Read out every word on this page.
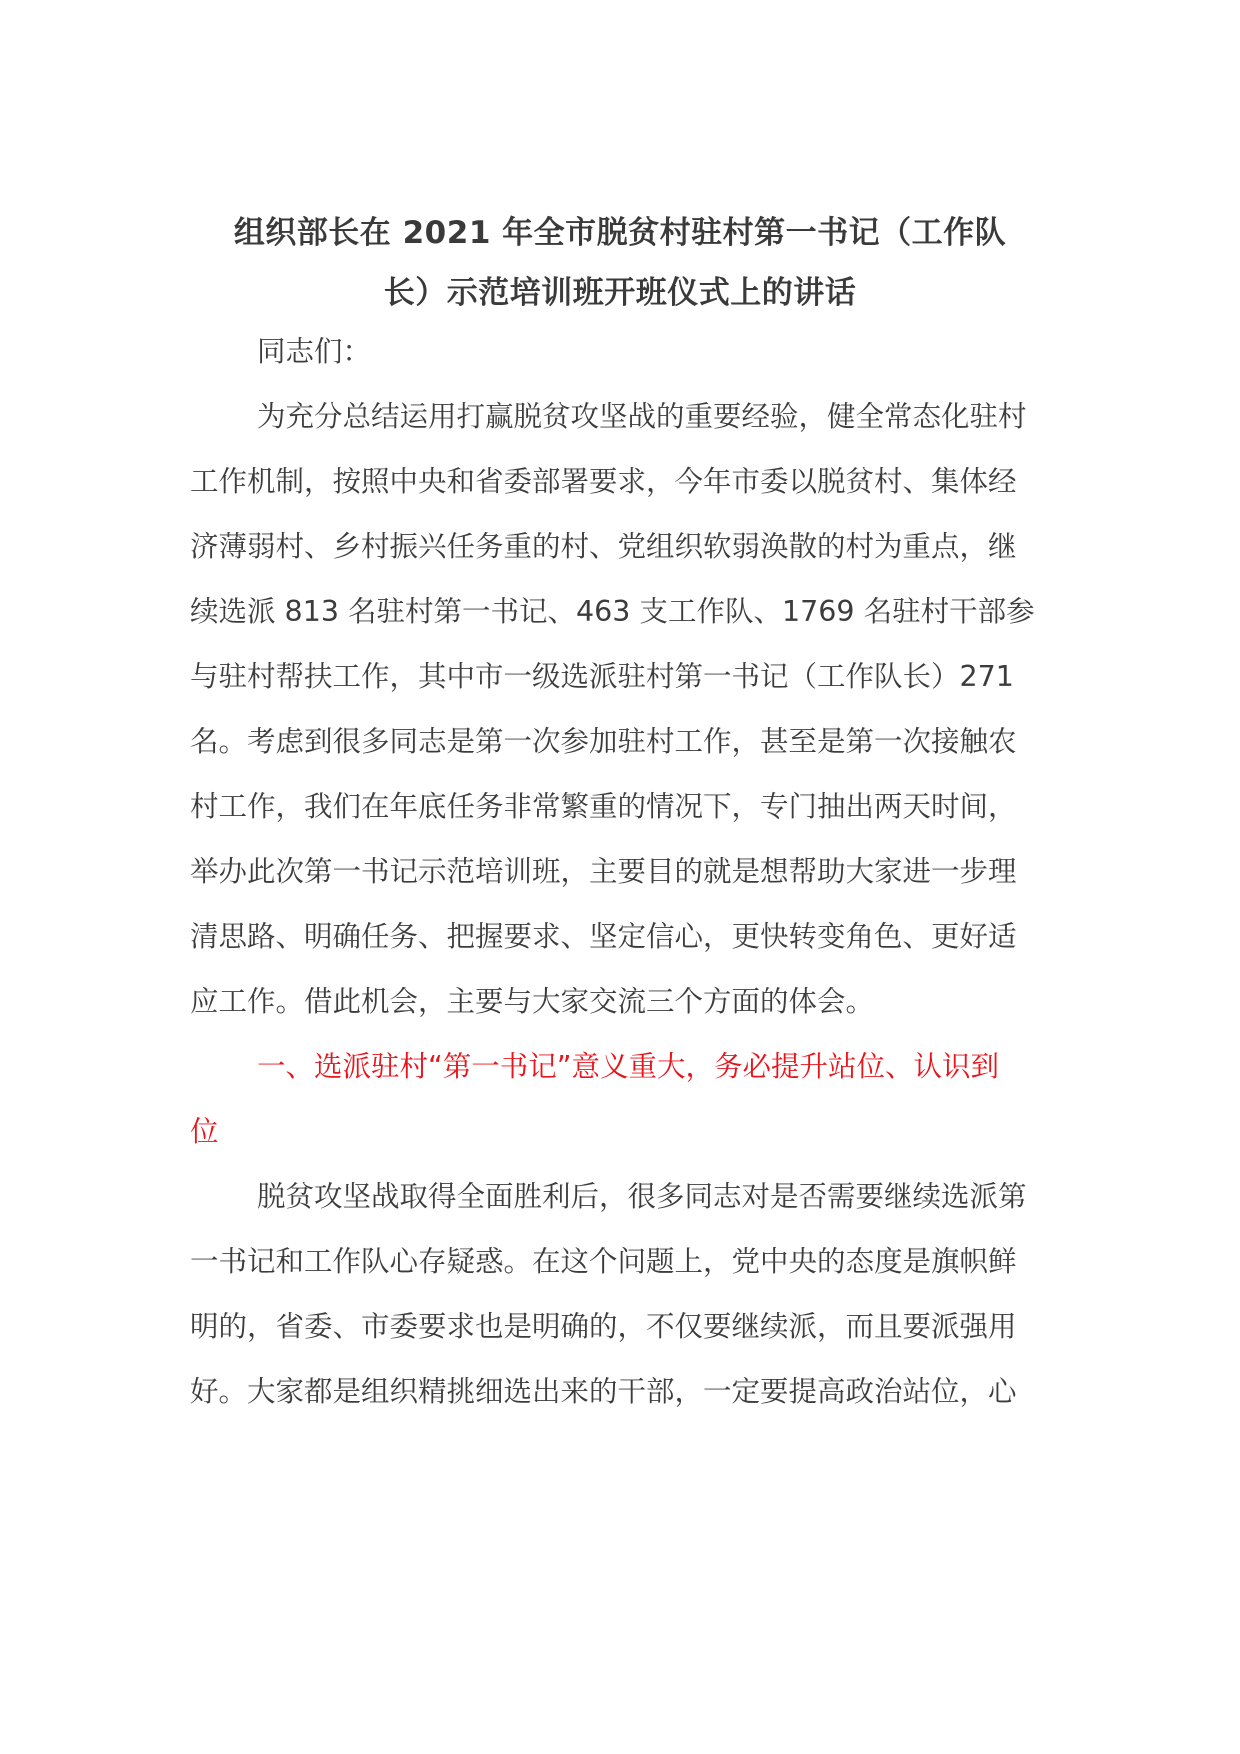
组织部长在 2021 年全市脱贫村驻村第一书记（工作队
长）示范培训班开班仪式上的讲话
同志们：
为充分总结运用打赢脱贫攻坚战的重要经验，健全常态化驻村
工作机制，按照中央和省委部署要求，今年市委以脱贫村、集体经
济薄弱村、乡村振兴任务重的村、党组织软弱涣散的村为重点，继
续选派 813 名驻村第一书记、463 支工作队、1769 名驻村干部参
与驻村帮扶工作，其中市一级选派驻村第一书记（工作队长）271
名。考虑到很多同志是第一次参加驻村工作，甚至是第一次接触农
村工作，我们在年底任务非常繁重的情况下，专门抽出两天时间，
举办此次第一书记示范培训班，主要目的就是想帮助大家进一步理
清思路、明确任务、把握要求、坚定信心，更快转变角色、更好适
应工作。借此机会，主要与大家交流三个方面的体会。
一、选派驻村“第一书记”意义重大，务必提升站位、认识到
位
脱贫攻坚战取得全面胜利后，很多同志对是否需要继续选派第
一书记和工作队心存疑惑。在这个问题上，党中央的态度是旗帜鲜
明的，省委、市委要求也是明确的，不仅要继续派，而且要派强用
好。大家都是组织精挑细选出来的干部，一定要提高政治站位，心
